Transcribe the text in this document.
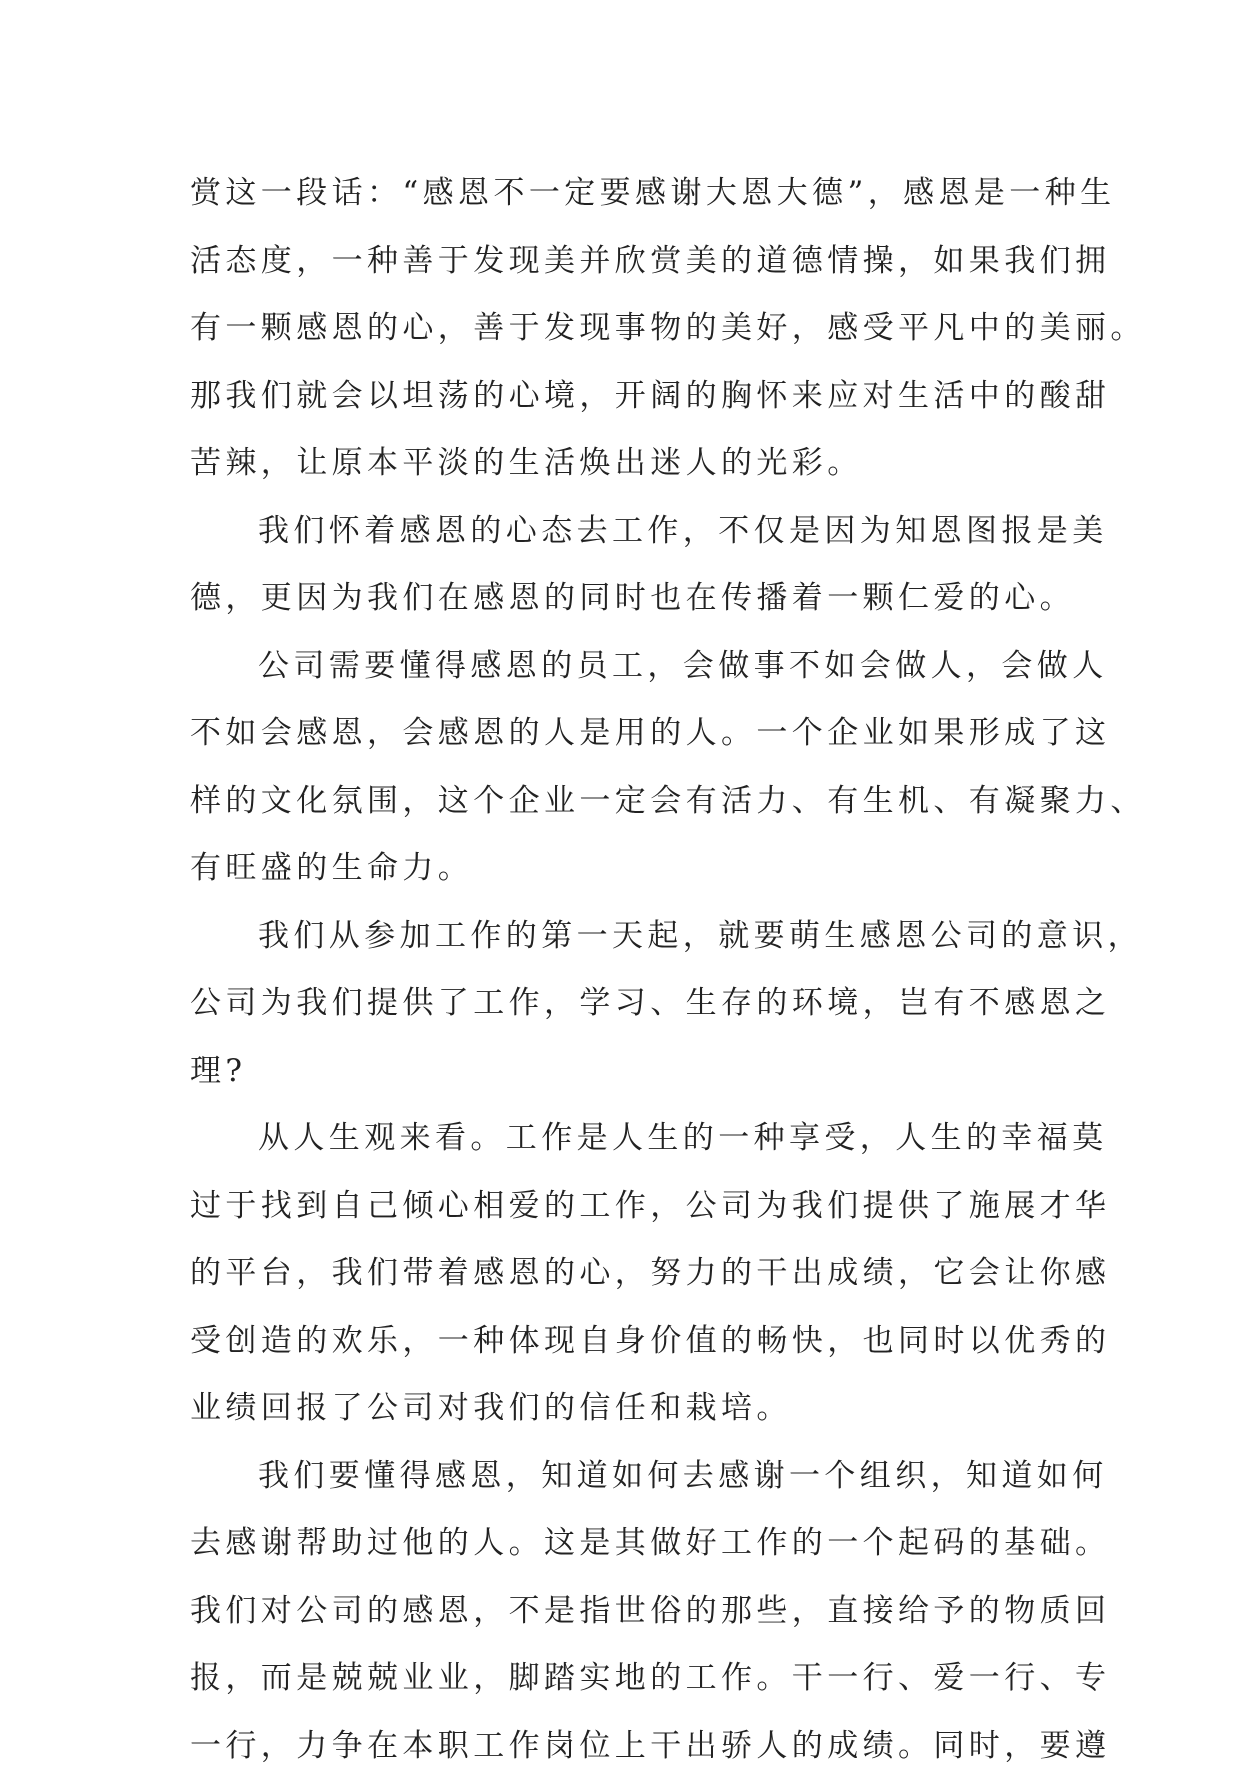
赏这一段话：“感恩不一定要感谢大恩大德”，感恩是一种生
活态度，一种善于发现美并欣赏美的道德情操，如果我们拥
有一颗感恩的心，善于发现事物的美好，感受平凡中的美丽。
那我们就会以坦荡的心境，开阔的胸怀来应对生活中的酸甜
苦辣，让原本平淡的生活焕出迷人的光彩。
我们怀着感恩的心态去工作，不仅是因为知恩图报是美
德，更因为我们在感恩的同时也在传播着一颗仁爱的心。
公司需要懂得感恩的员工，会做事不如会做人，会做人
不如会感恩，会感恩的人是用的人。一个企业如果形成了这
样的文化氛围，这个企业一定会有活力、有生机、有凝聚力、
有旺盛的生命力。
我们从参加工作的第一天起，就要萌生感恩公司的意识，
公司为我们提供了工作，学习、生存的环境，岂有不感恩之
理?
从人生观来看。工作是人生的一种享受，人生的幸福莫
过于找到自己倾心相爱的工作，公司为我们提供了施展才华
的平台，我们带着感恩的心，努力的干出成绩，它会让你感
受创造的欢乐，一种体现自身价值的畅快，也同时以优秀的
业绩回报了公司对我们的信任和栽培。
我们要懂得感恩，知道如何去感谢一个组织，知道如何
去感谢帮助过他的人。这是其做好工作的一个起码的基础。
我们对公司的感恩，不是指世俗的那些，直接给予的物质回
报，而是兢兢业业，脚踏实地的工作。干一行、爱一行、专
一行，力争在本职工作岗位上干出骄人的成绩。同时，要遵
